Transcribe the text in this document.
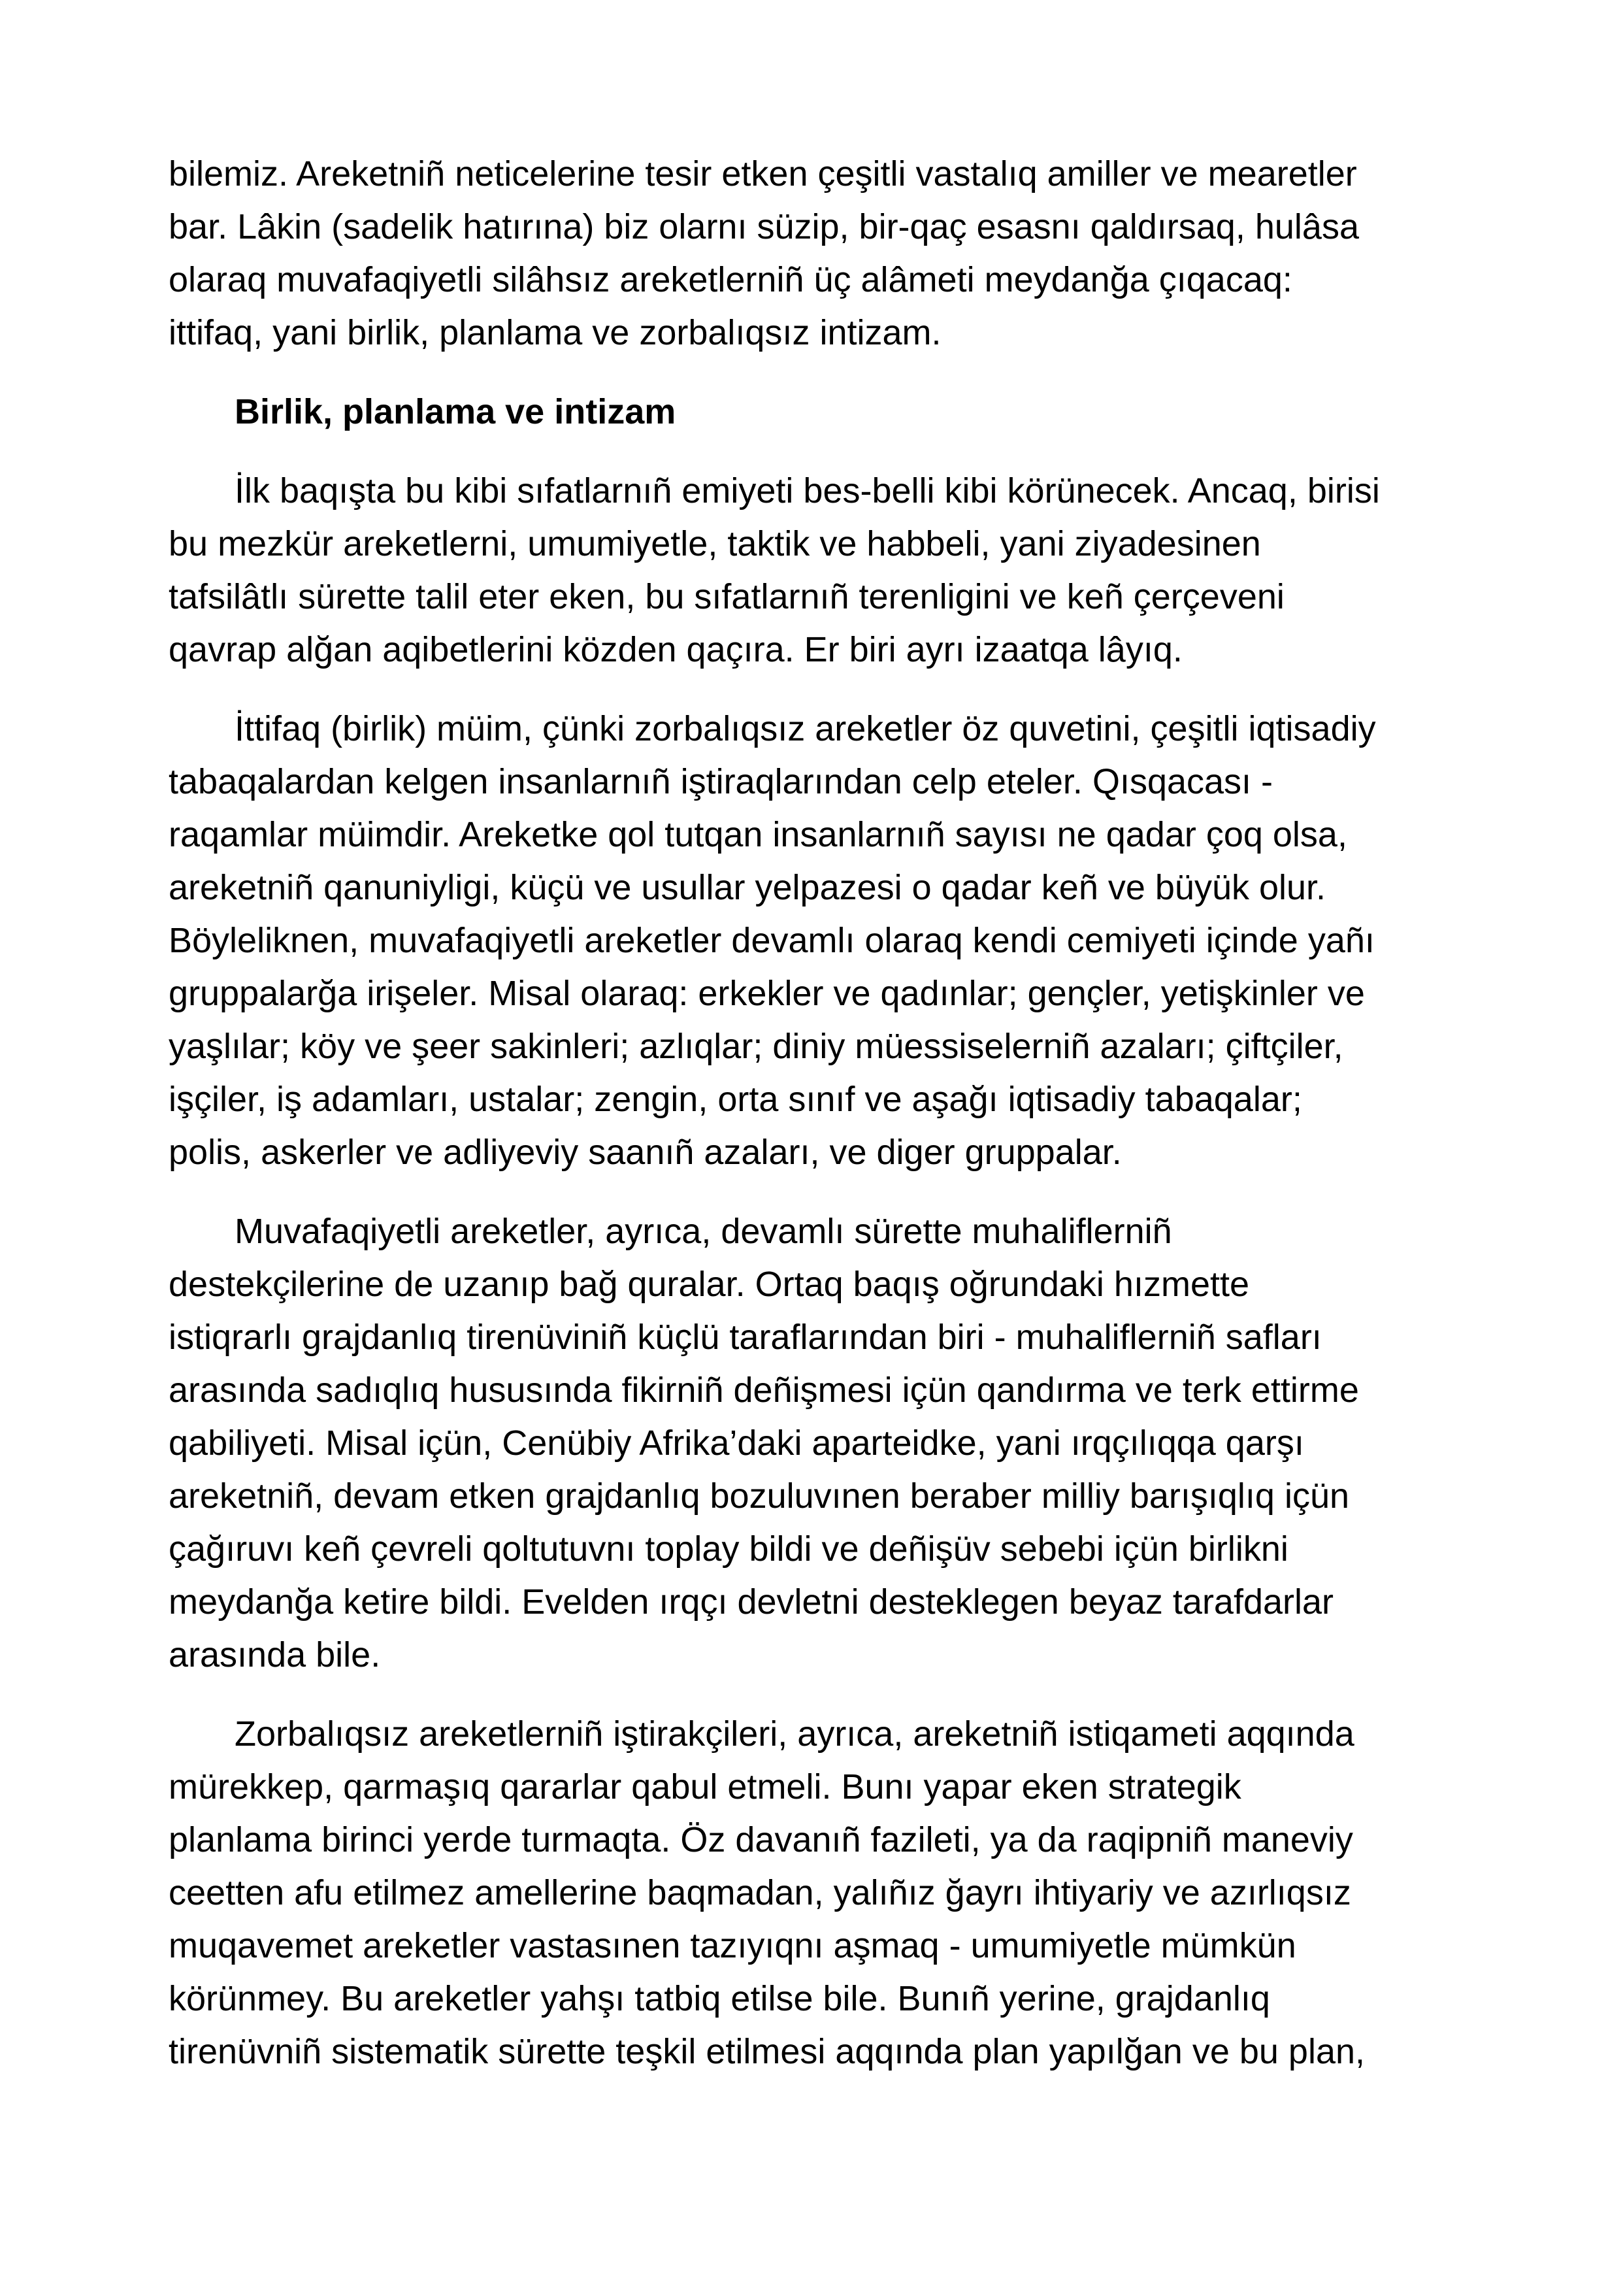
bilemiz. Areketniñ neticelerine tesir etken çeşitli vastalıq amiller ve mearetler
bar. Lâkin (sadelik hatırına) biz olarnı süzip, bir-qaç esasnı qaldırsaq, hulâsa
olaraq muvafaqiyetli silâhsız areketlerniñ üç alâmeti meydanğa çıqacaq:
ittifaq, yani birlik, planlama ve zorbalıqsız intizam.
Birlik, planlama ve intizam
İlk baqışta bu kibi sıfatlarnıñ emiyeti bes-belli kibi körünecek. Ancaq, birisi
bu mezkür areketlerni, umumiyetle, taktik ve habbeli, yani ziyadesinen
tafsilâtlı sürette talil eter eken, bu sıfatlarnıñ terenligini ve keñ çerçeveni
qavrap alğan aqibetlerini közden qaçıra. Er biri ayrı izaatqa lâyıq.
İttifaq (birlik) müim, çünki zorbalıqsız areketler öz quvetini, çeşitli iqtisadiy
tabaqalardan kelgen insanlarnıñ iştiraqlarından celp eteler. Qısqacası -
raqamlar müimdir. Areketke qol tutqan insanlarnıñ sayısı ne qadar çoq olsa,
areketniñ qanuniyligi, küçü ve usullar yelpazesi o qadar keñ ve büyük olur.
Böyleliknen, muvafaqiyetli areketler devamlı olaraq kendi cemiyeti içinde yañı
gruppalarğa irişeler. Misal olaraq: erkekler ve qadınlar; gençler, yetişkinler ve
yaşlılar; köy ve şeer sakinleri; azlıqlar; diniy müessiselerniñ azaları; çiftçiler,
işçiler, iş adamları, ustalar; zengin, orta sınıf ve aşağı iqtisadiy tabaqalar;
polis, askerler ve adliyeviy saanıñ azaları, ve diger gruppalar.
Muvafaqiyetli areketler, ayrıca, devamlı sürette muhaliflerniñ
destekçilerine de uzanıp bağ quralar. Ortaq baqış oğrundaki hızmette
istiqrarlı grajdanlıq tirenüviniñ küçlü taraflarından biri - muhaliflerniñ safları
arasında sadıqlıq hususında fikirniñ deñişmesi içün qandırma ve terk ettirme
qabiliyeti. Misal içün, Cenübiy Afrika’daki aparteidke, yani ırqçılıqqa qarşı
areketniñ, devam etken grajdanlıq bozuluvınen beraber milliy barışıqlıq içün
çağıruvı keñ çevreli qoltutuvnı toplay bildi ve deñişüv sebebi içün birlikni
meydanğa ketire bildi. Evelden ırqçı devletni desteklegen beyaz tarafdarlar
arasında bile.
Zorbalıqsız areketlerniñ iştirakçileri, ayrıca, areketniñ istiqameti aqqında
mürekkep, qarmaşıq qararlar qabul etmeli. Bunı yapar eken strategik
planlama birinci yerde turmaqta. Öz davanıñ fazileti, ya da raqipniñ maneviy
ceetten afu etilmez amellerine baqmadan, yalıñız ğayrı ihtiyariy ve azırlıqsız
muqavemet areketler vastasınen tazıyıqnı aşmaq - umumiyetle mümkün
körünmey. Bu areketler yahşı tatbiq etilse bile. Bunıñ yerine, grajdanlıq
tirenüvniñ sistematik sürette teşkil etilmesi aqqında plan yapılğan ve bu plan,
